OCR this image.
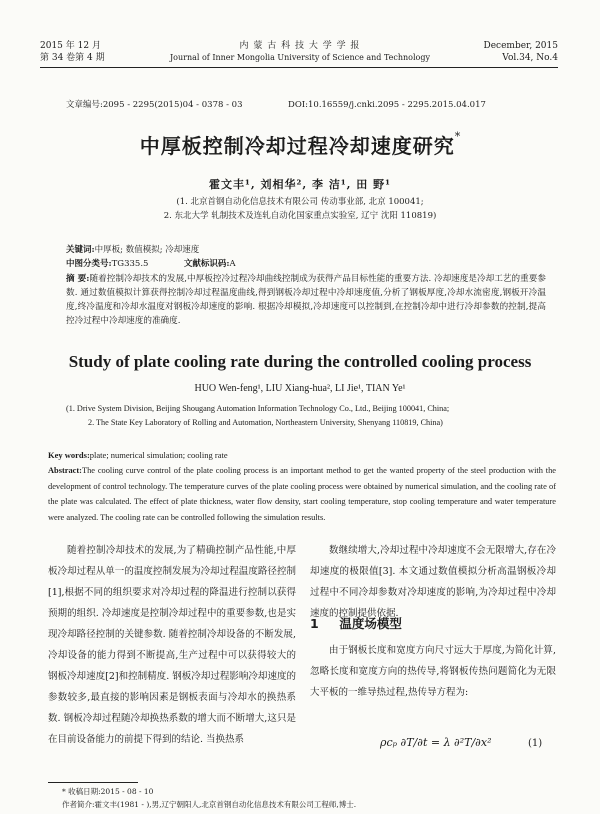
2015 年 12 月
第 34 卷第 4 期
内 蒙 古 科 技 大 学 学 报
Journal of Inner Mongolia University of Science and Technology
December, 2015
Vol.34, No.4
文章编号:2095 - 2295(2015)04 - 0378 - 03	DOI:10.16559/j.cnki.2095 - 2295.2015.04.017
中厚板控制冷却过程冷却速度研究*
霍文丰¹, 刘相华², 李 洁¹, 田 野¹
(1. 北京首钢自动化信息技术有限公司 传动事业部, 北京 100041;
2. 东北大学 轧制技术及连轧自动化国家重点实验室, 辽宁 沈阳 110819)
关键词:中厚板; 数值模拟; 冷却速度
中图分类号:TG335.5	文献标识码:A
摘 要:随着控制冷却技术的发展,中厚板控冷过程冷却曲线控制成为获得产品目标性能的重要方法. 冷却速度是冷却工艺的重要参数. 通过数值模拟计算获得控制冷却过程温度曲线,得到钢板冷却过程中冷却速度值,分析了钢板厚度,冷却水流密度,钢板开冷温度,终冷温度和冷却水温度对钢板冷却速度的影响. 根据冷却模拟,冷却速度可以控制到,在控制冷却中进行冷却参数的控制,提高控冷过程中冷却速度的准确度.
Study of plate cooling rate during the controlled cooling process
HUO Wen-feng¹, LIU Xiang-hua², LI Jie¹, TIAN Ye¹
(1. Drive System Division, Beijing Shougang Automation Information Technology Co., Ltd., Beijing 100041, China;
2. The State Key Laboratory of Rolling and Automation, Northeastern University, Shenyang 110819, China)
Key words:plate; numerical simulation; cooling rate
Abstract:The cooling curve control of the plate cooling process is an important method to get the wanted property of the steel production with the development of control technology. The temperature curves of the plate cooling process were obtained by numerical simulation, and the cooling rate of the plate was calculated. The effect of plate thickness, water flow density, start cooling temperature, stop cooling temperature and water temperature were analyzed. The cooling rate can be controlled following the simulation results.
随着控制冷却技术的发展,为了精确控制产品性能,中厚板冷却过程从单一的温度控制发展为冷却过程温度路径控制[1],根据不同的组织要求对冷却过程的降温进行控制以获得预期的组织. 冷却速度是控制冷却过程中的重要参数,也是实现冷却路径控制的关键参数. 随着控制冷却设备的不断发展,冷却设备的能力得到不断提高,生产过程中可以获得较大的钢板冷却速度[2]和控制精度. 钢板冷却过程影响冷却速度的参数较多,最直接的影响因素是钢板表面与冷却水的换热系数. 钢板冷却过程随冷却换热系数的增大而不断增大,这只是在目前设备能力的前提下得到的结论. 当换热系
数继续增大,冷却过程中冷却速度不会无限增大,存在冷却速度的极限值[3]. 本文通过数值模拟分析高温钢板冷却过程中不同冷却参数对冷却速度的影响,为冷却过程中冷却速度的控制提供依据.
1 温度场模型
由于钢板长度和宽度方向尺寸远大于厚度,为简化计算,忽略长度和宽度方向的热传导,将钢板传热问题简化为无限大平板的一维导热过程,热传导方程为:
ρcₚ ∂T/∂t = λ ∂²T/∂x²	(1)
* 收稿日期:2015 - 08 - 10
作者简介:霍文丰(1981 - ),男,辽宁朝阳人,北京首钢自动化信息技术有限公司工程师,博士.
